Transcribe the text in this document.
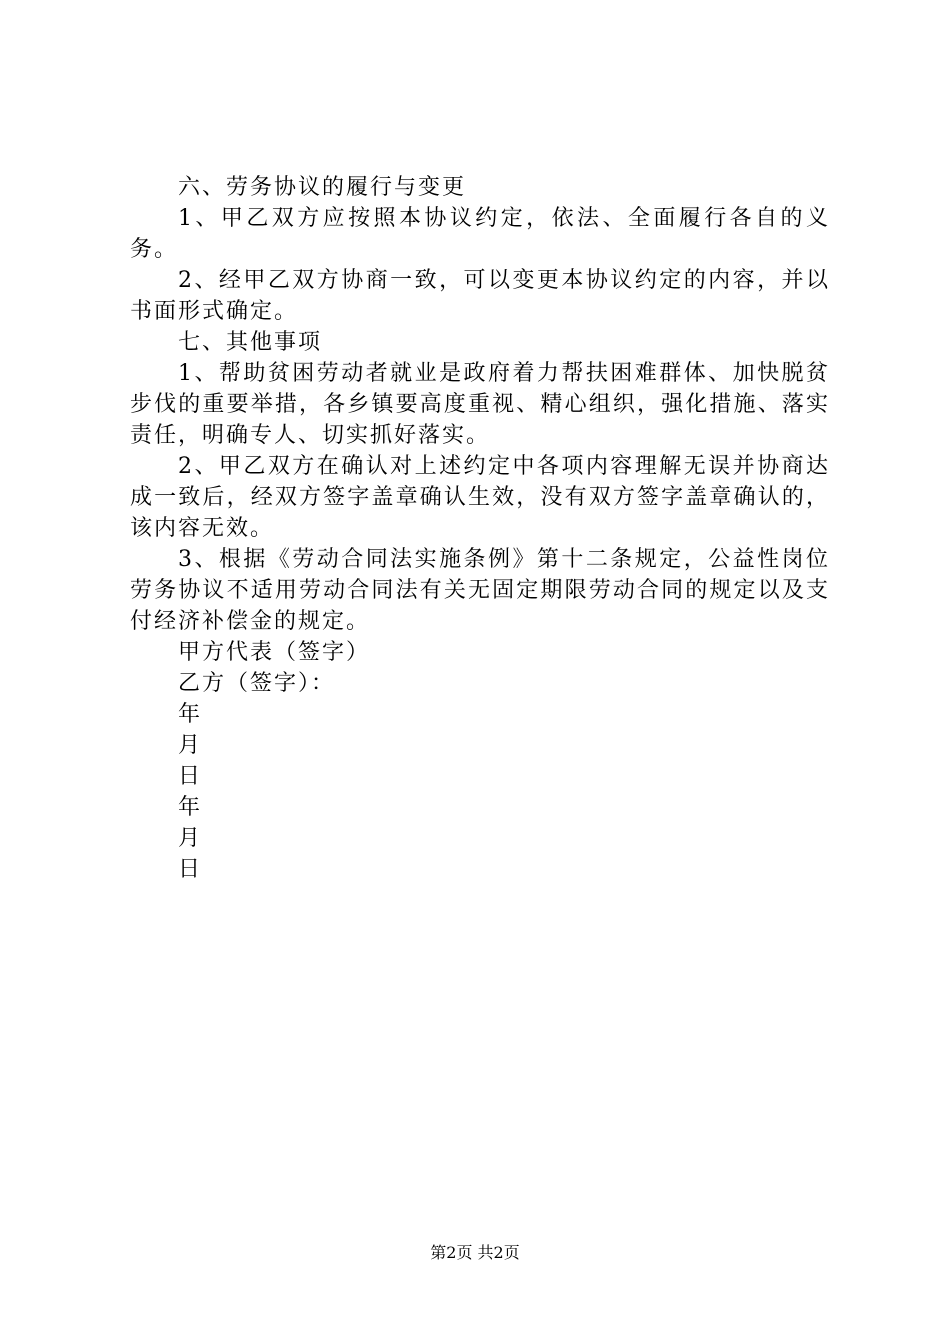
六、劳务协议的履行与变更

1、甲乙双方应按照本协议约定，依法、全面履行各自的义务。

2、经甲乙双方协商一致，可以变更本协议约定的内容，并以书面形式确定。

七、其他事项

1、帮助贫困劳动者就业是政府着力帮扶困难群体、加快脱贫步伐的重要举措，各乡镇要高度重视、精心组织，强化措施、落实责任，明确专人、切实抓好落实。

2、甲乙双方在确认对上述约定中各项内容理解无误并协商达成一致后，经双方签字盖章确认生效，没有双方签字盖章确认的，该内容无效。

3、根据《劳动合同法实施条例》第十二条规定，公益性岗位劳务协议不适用劳动合同法有关无固定期限劳动合同的规定以及支付经济补偿金的规定。

甲方代表（签字）

乙方（签字）：

年

月

日

年

月

日

第2页 共2页
